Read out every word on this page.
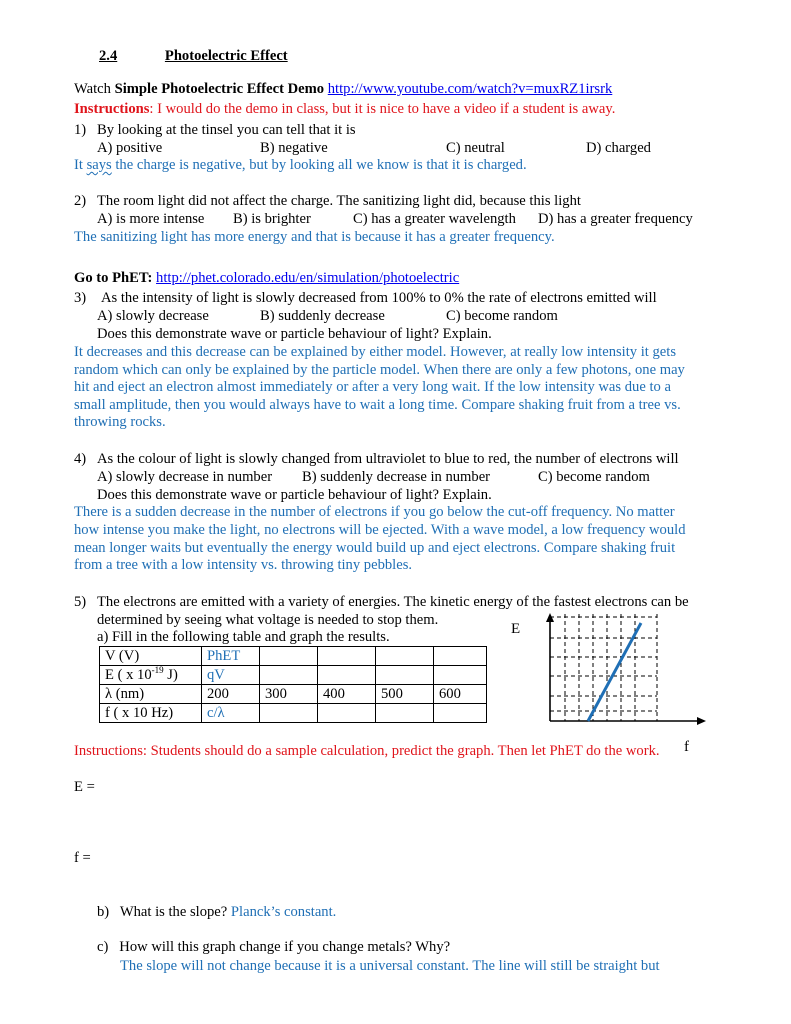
2.4	Photoelectric Effect
Watch Simple Photoelectric Effect Demo http://www.youtube.com/watch?v=muxRZ1irsrk
Instructions: I would do the demo in class, but it is nice to have a video if a student is away.
1) By looking at the tinsel you can tell that it is
A) positive	B) negative	C) neutral	D) charged
It says the charge is negative, but by looking all we know is that it is charged.
2) The room light did not affect the charge. The sanitizing light did, because this light
A) is more intense B) is brighter	C) has a greater wavelength D) has a greater frequency
The sanitizing light has more energy and that is because it has a greater frequency.
Go to PhET: http://phet.colorado.edu/en/simulation/photoelectric
3) As the intensity of light is slowly decreased from 100% to 0% the rate of electrons emitted will
A) slowly decrease	B) suddenly decrease	C) become random
Does this demonstrate wave or particle behaviour of light? Explain.
It decreases and this decrease can be explained by either model. However, at really low intensity it gets
random which can only be explained by the particle model. When there are only a few photons, one may
hit and eject an electron almost immediately or after a very long wait. If the low intensity was due to a
small amplitude, then you would always have to wait a long time. Compare shaking fruit from a tree vs.
throwing rocks.
4) As the colour of light is slowly changed from ultraviolet to blue to red, the number of electrons will
A) slowly decrease in number B) suddenly decrease in number	C) become random
Does this demonstrate wave or particle behaviour of light? Explain.
There is a sudden decrease in the number of electrons if you go below the cut-off frequency. No matter
how intense you make the light, no electrons will be ejected. With a wave model, a low frequency would
mean longer waits but eventually the energy would build up and eject electrons. Compare shaking fruit
from a tree with a low intensity vs. throwing tiny pebbles.
5) The electrons are emitted with a variety of energies. The kinetic energy of the fastest electrons can be
determined by seeing what voltage is needed to stop them.
a) Fill in the following table and graph the results.
V (V)	PhET				
E ( x $10^{-19}$ J)	qV				
λ (nm)	200	300	400	500	600
f ( x 10 Hz)	c/λ				
E
f
Instructions: Students should do a sample calculation, predict the graph. Then let PhET do the work.
E =
f =
b) What is the slope? Planck’s constant.
c) How will this graph change if you change metals? Why?
The slope will not change because it is a universal constant. The line will still be straight but
